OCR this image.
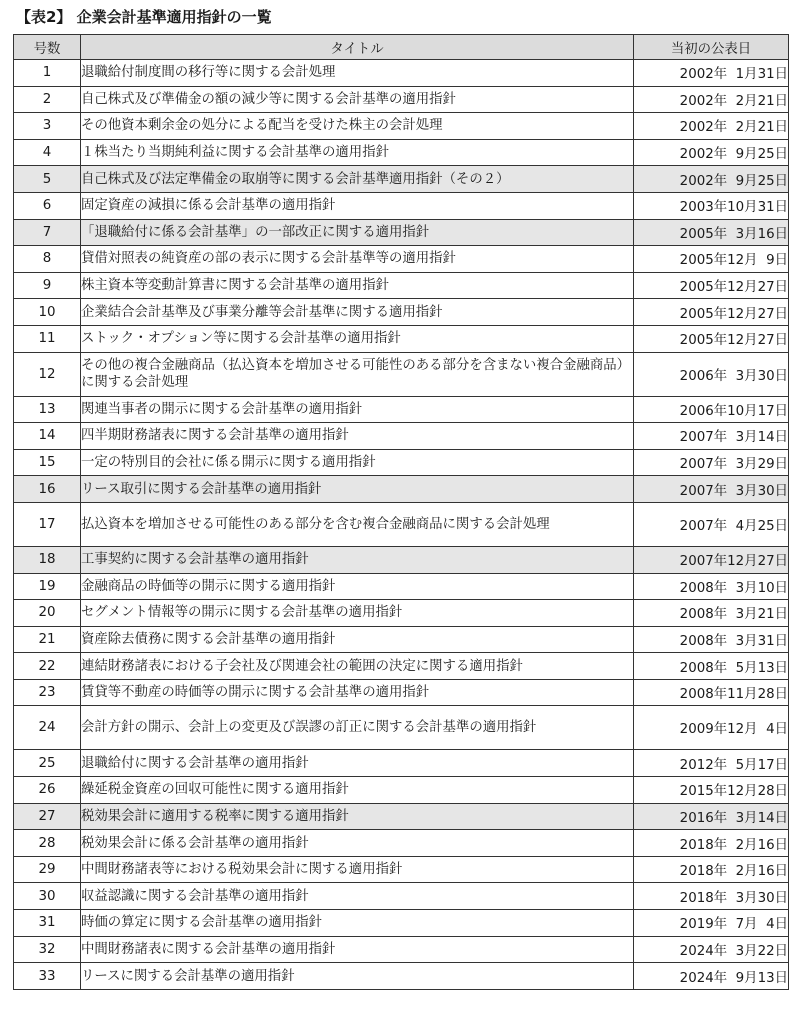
【表2】 企業会計基準適用指針の一覧
号数	タイトル	当初の公表日
1	退職給付制度間の移行等に関する会計処理	2002年  1月31日
2	自己株式及び準備金の額の減少等に関する会計基準の適用指針	2002年  2月21日
3	その他資本剰余金の処分による配当を受けた株主の会計処理	2002年  2月21日
4	１株当たり当期純利益に関する会計基準の適用指針	2002年  9月25日
5	自己株式及び法定準備金の取崩等に関する会計基準適用指針（その２）	2002年  9月25日
6	固定資産の減損に係る会計基準の適用指針	2003年10月31日
7	「退職給付に係る会計基準」の一部改正に関する適用指針	2005年  3月16日
8	貸借対照表の純資産の部の表示に関する会計基準等の適用指針	2005年12月  9日
9	株主資本等変動計算書に関する会計基準の適用指針	2005年12月27日
10	企業結合会計基準及び事業分離等会計基準に関する適用指針	2005年12月27日
11	ストック・オプション等に関する会計基準の適用指針	2005年12月27日
12	その他の複合金融商品（払込資本を増加させる可能性のある部分を含まない複合金融商品）に関する会計処理	2006年  3月30日
13	関連当事者の開示に関する会計基準の適用指針	2006年10月17日
14	四半期財務諸表に関する会計基準の適用指針	2007年  3月14日
15	一定の特別目的会社に係る開示に関する適用指針	2007年  3月29日
16	リース取引に関する会計基準の適用指針	2007年  3月30日
17	払込資本を増加させる可能性のある部分を含む複合金融商品に関する会計処理	2007年  4月25日
18	工事契約に関する会計基準の適用指針	2007年12月27日
19	金融商品の時価等の開示に関する適用指針	2008年  3月10日
20	セグメント情報等の開示に関する会計基準の適用指針	2008年  3月21日
21	資産除去債務に関する会計基準の適用指針	2008年  3月31日
22	連結財務諸表における子会社及び関連会社の範囲の決定に関する適用指針	2008年  5月13日
23	賃貸等不動産の時価等の開示に関する会計基準の適用指針	2008年11月28日
24	会計方針の開示、会計上の変更及び誤謬の訂正に関する会計基準の適用指針	2009年12月  4日
25	退職給付に関する会計基準の適用指針	2012年  5月17日
26	繰延税金資産の回収可能性に関する適用指針	2015年12月28日
27	税効果会計に適用する税率に関する適用指針	2016年  3月14日
28	税効果会計に係る会計基準の適用指針	2018年  2月16日
29	中間財務諸表等における税効果会計に関する適用指針	2018年  2月16日
30	収益認識に関する会計基準の適用指針	2018年  3月30日
31	時価の算定に関する会計基準の適用指針	2019年  7月  4日
32	中間財務諸表に関する会計基準の適用指針	2024年  3月22日
33	リースに関する会計基準の適用指針	2024年  9月13日
